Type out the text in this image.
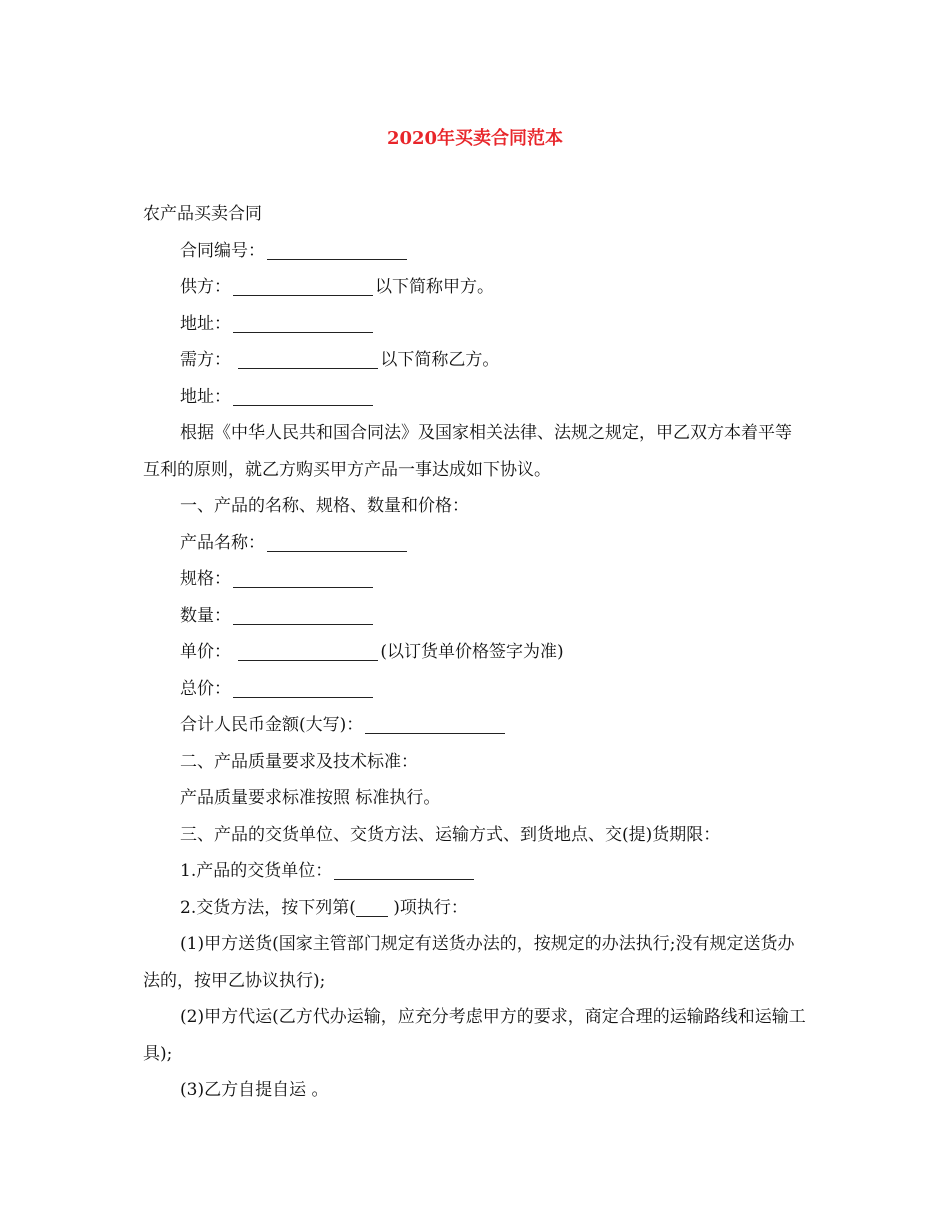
2020年买卖合同范本
农产品买卖合同
合同编号：
供方：	以下简称甲方。
地址：
需方：	以下简称乙方。
地址：
根据《中华人民共和国合同法》及国家相关法律、法规之规定，甲乙双方本着平等互利的原则，就乙方购买甲方产品一事达成如下协议。
一、产品的名称、规格、数量和价格：
产品名称：
规格：
数量：
单价：	(以订货单价格签字为准)
总价：
合计人民币金额(大写)：
二、产品质量要求及技术标准：
产品质量要求标准按照 标准执行。
三、产品的交货单位、交货方法、运输方式、到货地点、交(提)货期限：
1.产品的交货单位：
2.交货方法，按下列第( )项执行：
(1)甲方送货(国家主管部门规定有送货办法的，按规定的办法执行;没有规定送货办法的，按甲乙协议执行);
(2)甲方代运(乙方代办运输，应充分考虑甲方的要求，商定合理的运输路线和运输工具);
(3)乙方自提自运 。
